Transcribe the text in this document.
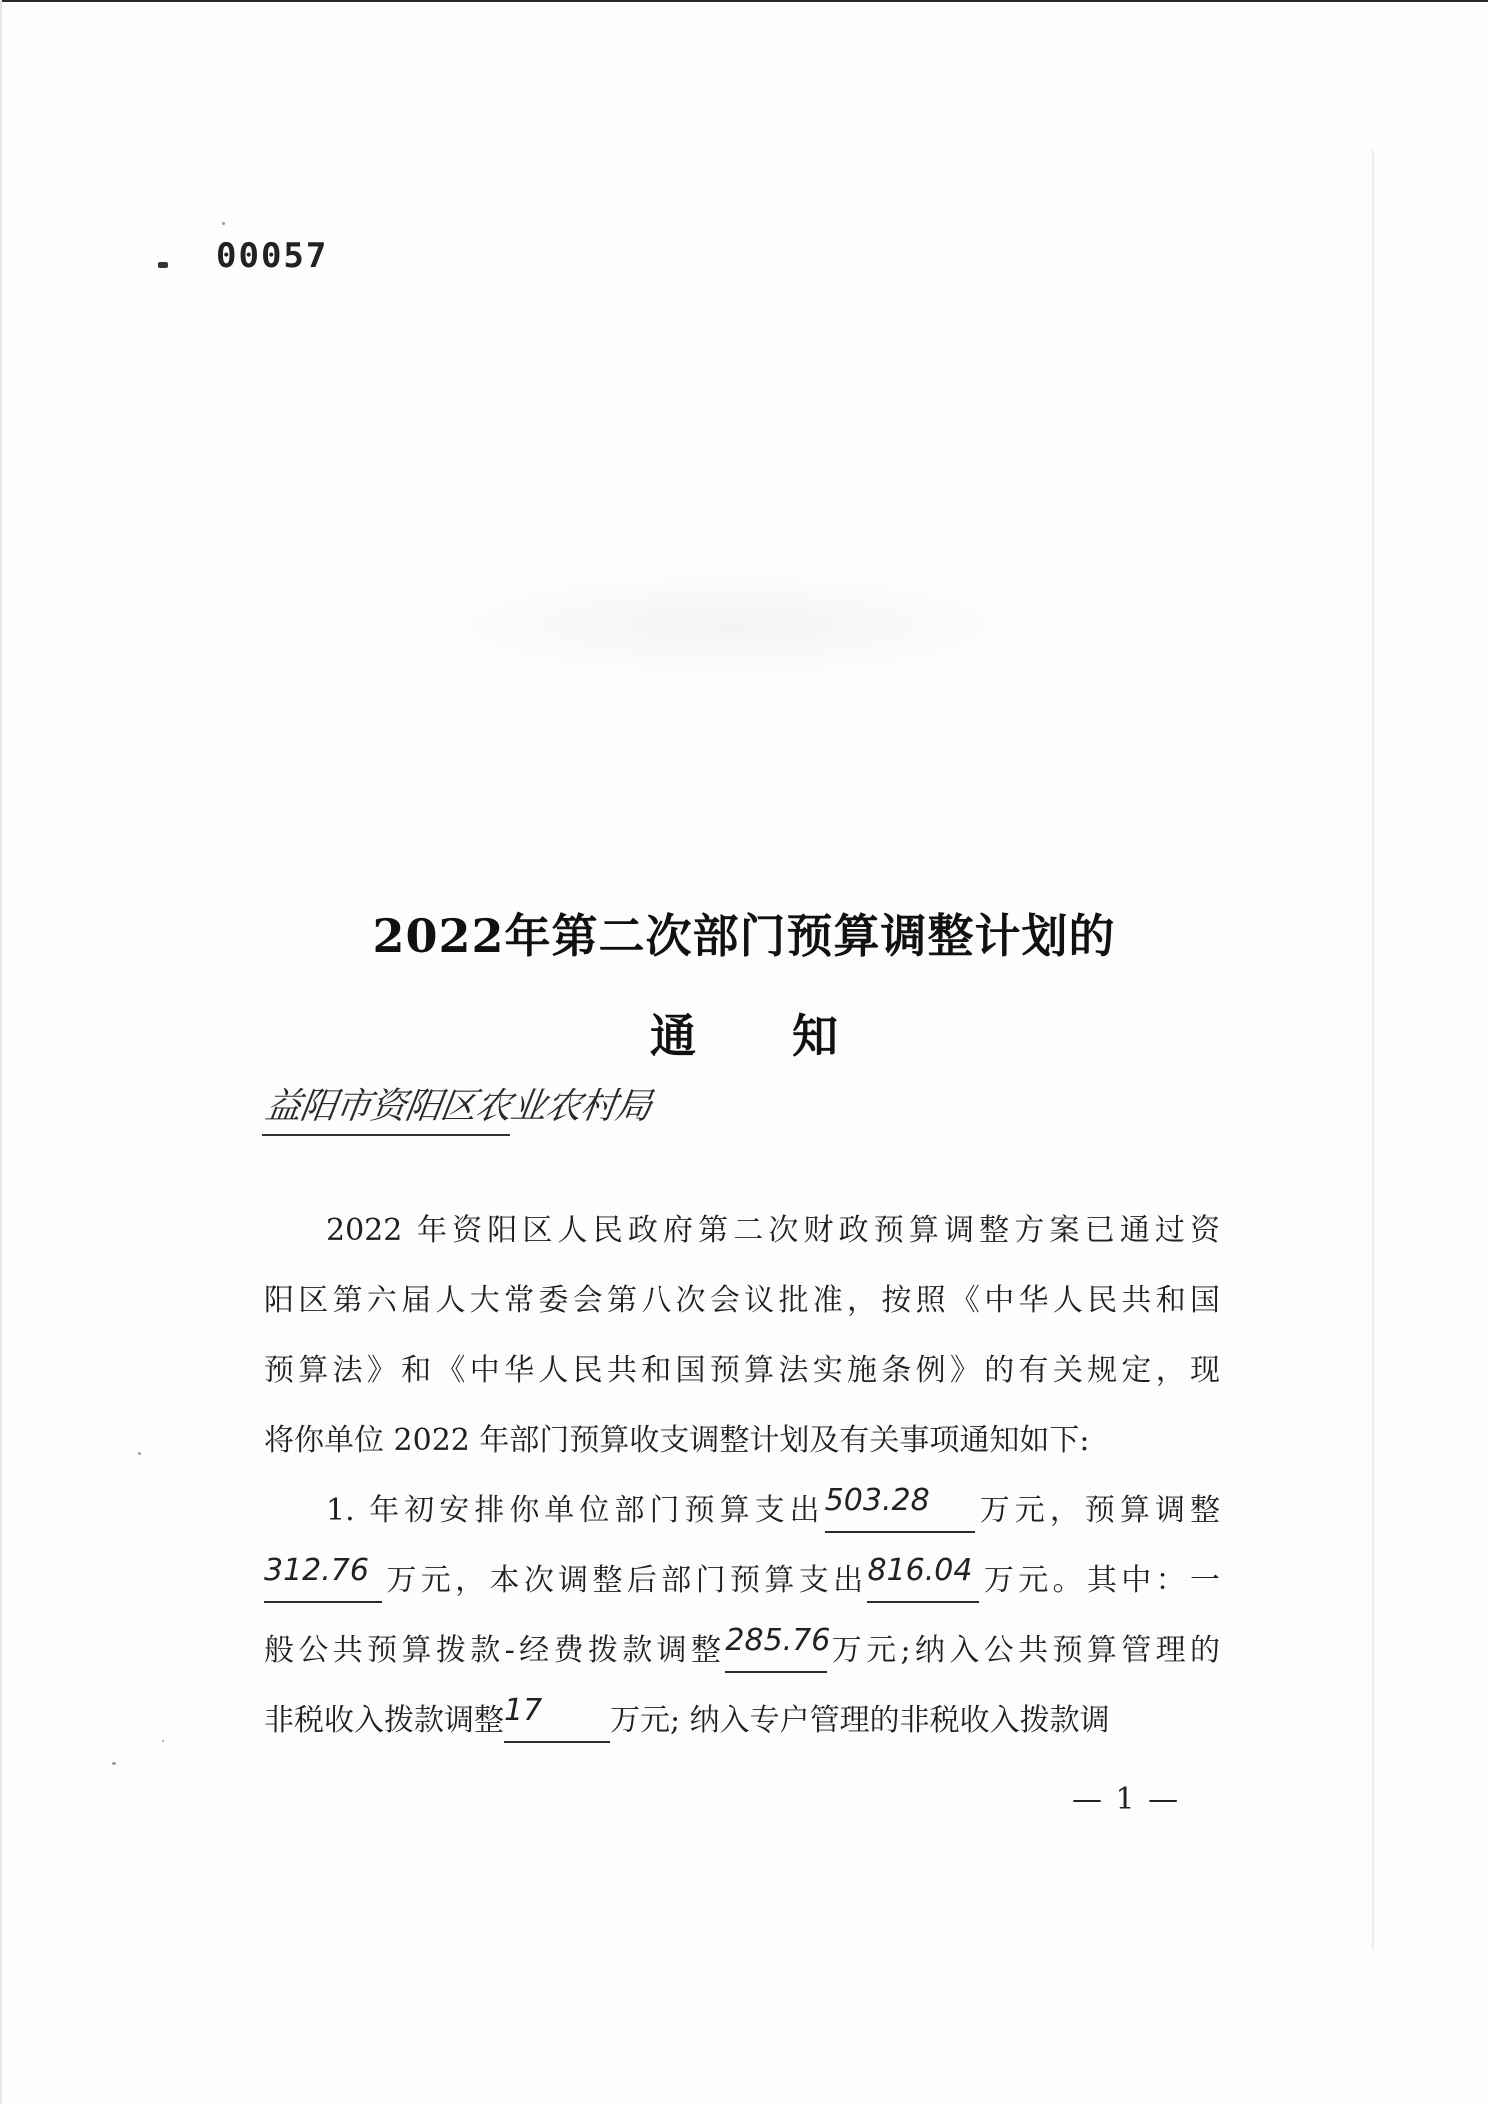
00057
2022年第二次部门预算调整计划的
通知
益阳市资阳区农业农村局
2022 年资阳区人民政府第二次财政预算调整方案已通过资
阳区第六届人大常委会第八次会议批准，按照《中华人民共和国
预算法》和《中华人民共和国预算法实施条例》的有关规定，现
将你单位 2022 年部门预算收支调整计划及有关事项通知如下:
1. 年初安排你单位部门预算支出503.28 万元，预算调整
312.76 万元，本次调整后部门预算支出816.04 万元。其中：一
般公共预算拨款-经费拨款调整285.76万元;纳入公共预算管理的
非税收入拨款调整17 万元; 纳入专户管理的非税收入拨款调
— 1 —
